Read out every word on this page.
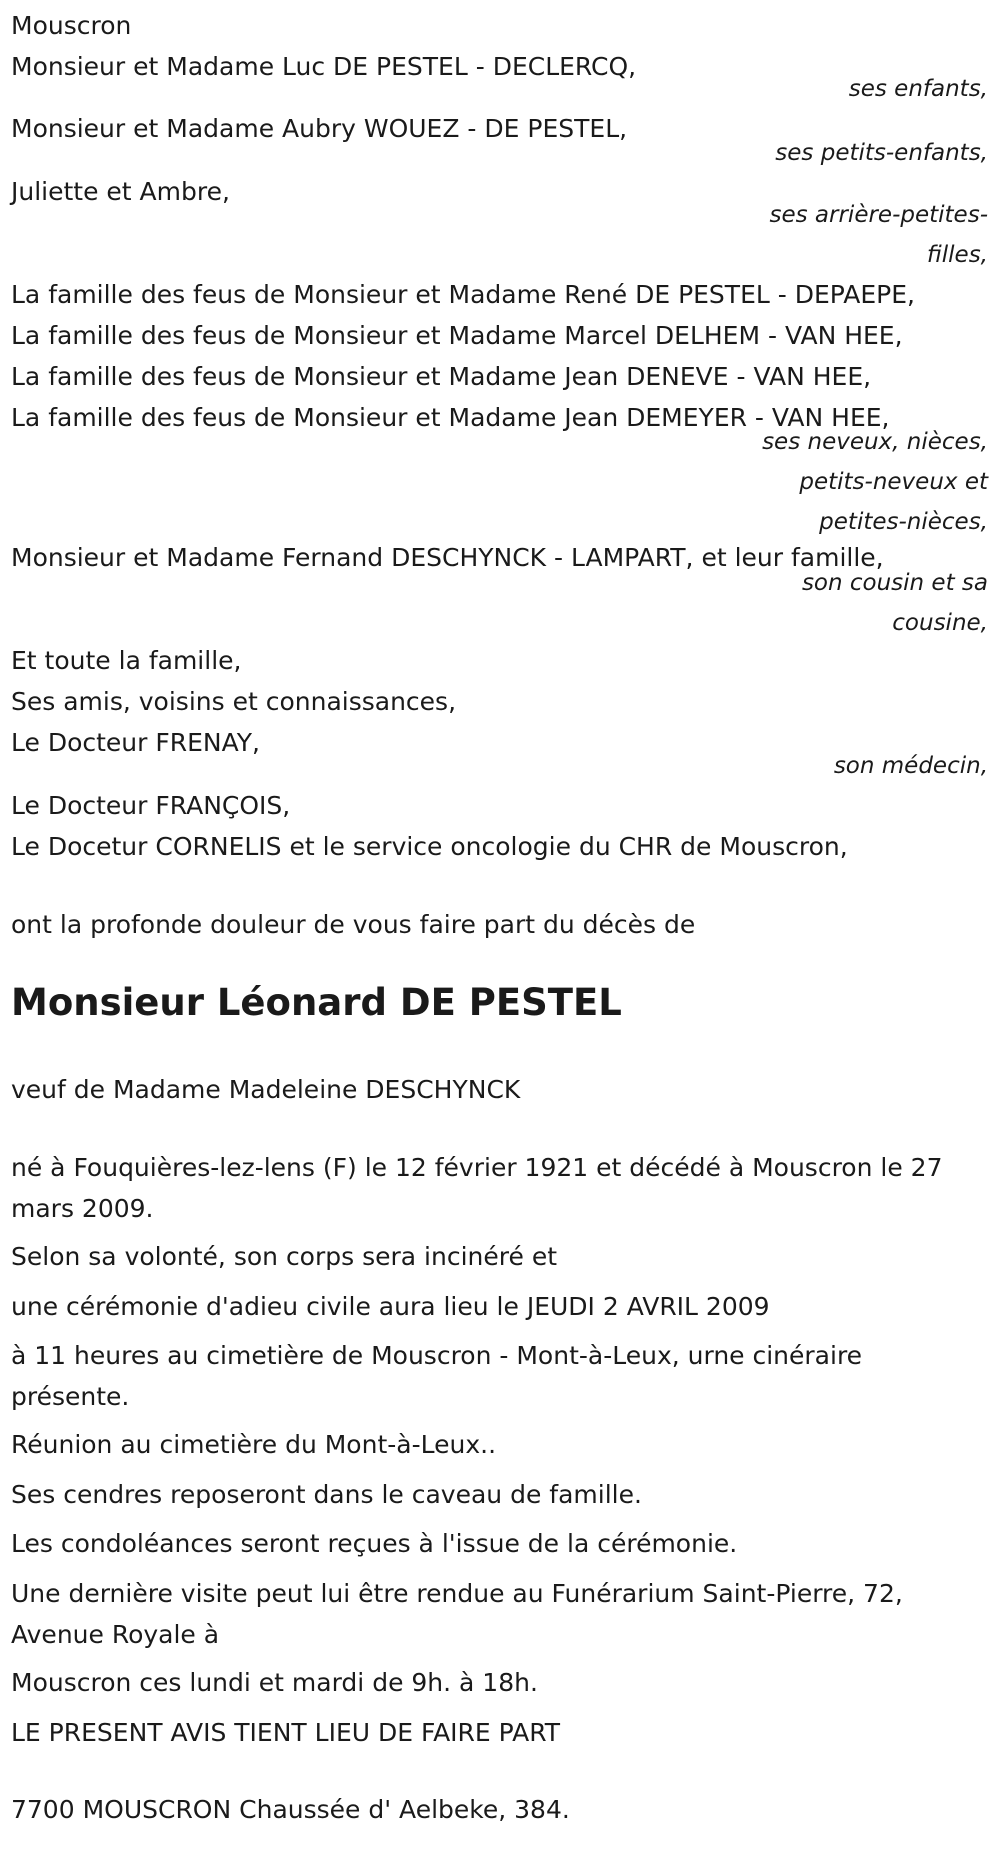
Mouscron
Monsieur et Madame Luc DE PESTEL - DECLERCQ,
ses enfants,
Monsieur et Madame Aubry WOUEZ - DE PESTEL,
ses petits-enfants,
Juliette et Ambre,
ses arrière-petites-
filles,
La famille des feus de Monsieur et Madame René DE PESTEL - DEPAEPE,
La famille des feus de Monsieur et Madame Marcel DELHEM - VAN HEE,
La famille des feus de Monsieur et Madame Jean DENEVE - VAN HEE,
La famille des feus de Monsieur et Madame Jean DEMEYER - VAN HEE,
ses neveux, nièces,
petits-neveux et
petites-nièces,
Monsieur et Madame Fernand DESCHYNCK - LAMPART, et leur famille,
son cousin et sa
cousine,
Et toute la famille,
Ses amis, voisins et connaissances,
Le Docteur FRENAY,
son médecin,
Le Docteur FRANÇOIS,
Le Docetur CORNELIS et le service oncologie du CHR de Mouscron,
ont la profonde douleur de vous faire part du décès de
Monsieur Léonard DE PESTEL
veuf de Madame Madeleine DESCHYNCK
né à Fouquières-lez-lens (F) le 12 février 1921 et décédé à Mouscron le 27 mars 2009.
Selon sa volonté, son corps sera incinéré et
une cérémonie d'adieu civile aura lieu le JEUDI 2 AVRIL 2009
à 11 heures au cimetière de Mouscron - Mont-à-Leux, urne cinéraire présente.
Réunion au cimetière du Mont-à-Leux..
Ses cendres reposeront dans le caveau de famille.
Les condoléances seront reçues à l'issue de la cérémonie.
Une dernière visite peut lui être rendue au Funérarium Saint-Pierre, 72, Avenue Royale à
Mouscron ces lundi et mardi de 9h. à 18h.
LE PRESENT AVIS TIENT LIEU DE FAIRE PART
7700 MOUSCRON Chaussée d' Aelbeke, 384.
